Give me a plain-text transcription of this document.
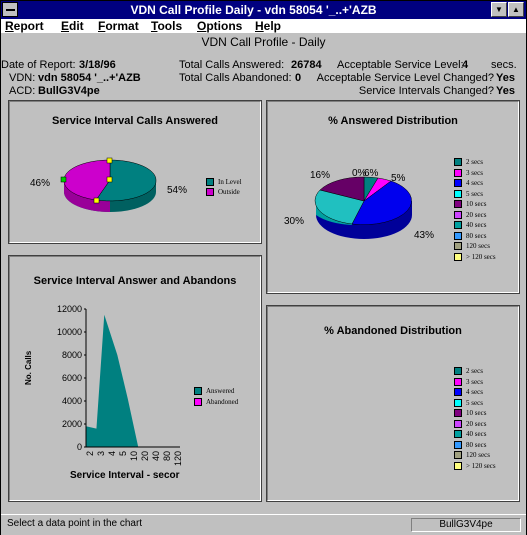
VDN Call Profile Daily - vdn 58054 '_..+'AZB	▼	▲
Report Edit Format Tools Options Help
VDN Call Profile - Daily
Date of Report: 3/18/96
VDN: vdn 58054 '_..+'AZB
ACD: BullG3V4pe
Total Calls Answered: 26784
Total Calls Abandoned: 0
Acceptable Service Level:
4 secs.
Acceptable Service Level Changed? Yes
Service Intervals Changed? Yes
Service Interval Calls Answered
46%
54%
In Level
Outside
% Answered Distribution
16% 0%
6% 5%
30%
43%
2 secs
3 secs
4 secs
5 secs
10 secs
20 secs
40 secs
80 secs
120 secs
> 120 secs
Service Interval Answer and Abandons
12000
10000
8000
6000
4000
2000
0
2 3 4 5 10 20 40 80 120
No. Calls
Service Interval - secor
Answered
Abandoned
% Abandoned Distribution
2 secs
3 secs
4 secs
5 secs
10 secs
20 secs
40 secs
80 secs
120 secs
> 120 secs
Select a data point in the chart	BullG3V4pe
